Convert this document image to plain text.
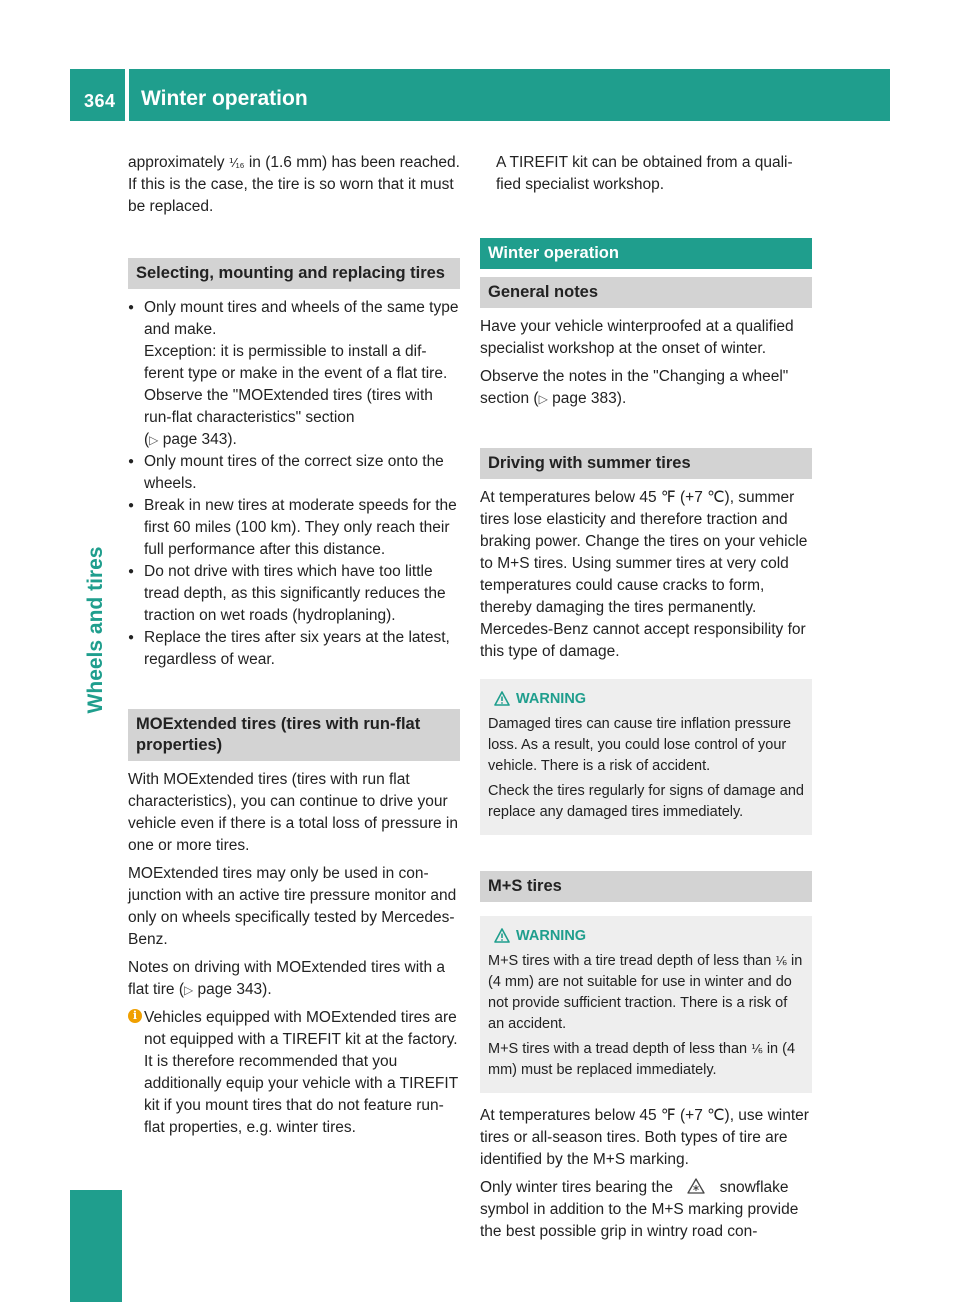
364 Winter operation
Wheels and tires

approximately ⅟₁₆ in (1.6 mm) has been reached. If this is the case, the tire is so worn that it must be replaced.

Selecting, mounting and replacing tires

● Only mount tires and wheels of the same type and make.

Exception: it is permissible to install a different type or make in the event of a flat tire. Observe the "MOExtended tires (tires with run-flat characteristics" section
(▷ page 343).

● Only mount tires of the correct size onto the wheels.

● Break in new tires at moderate speeds for the first 60 miles (100 km). They only reach their full performance after this distance.

● Do not drive with tires which have too little tread depth, as this significantly reduces the traction on wet roads (hydroplaning).

● Replace the tires after six years at the latest, regardless of wear.

MOExtended tires (tires with run-flat properties)

With MOExtended tires (tires with run flat characteristics), you can continue to drive your vehicle even if there is a total loss of pressure in one or more tires.

MOExtended tires may only be used in conjunction with an active tire pressure monitor and only on wheels specifically tested by Mercedes-Benz.

Notes on driving with MOExtended tires with a flat tire (▷ page 343).

i Vehicles equipped with MOExtended tires are not equipped with a TIREFIT kit at the factory. It is therefore recommended that you additionally equip your vehicle with a TIREFIT kit if you mount tires that do not feature run-flat properties, e.g. winter tires.

A TIREFIT kit can be obtained from a qualified specialist workshop.

Winter operation
General notes

Have your vehicle winterproofed at a qualified specialist workshop at the onset of winter.

Observe the notes in the "Changing a wheel" section (▷ page 383).

Driving with summer tires

At temperatures below 45 ℉ (+7 ℃), summer tires lose elasticity and therefore traction and braking power. Change the tires on your vehicle to M+S tires. Using summer tires at very cold temperatures could cause cracks to form, thereby damaging the tires permanently. Mercedes-Benz cannot accept responsibility for this type of damage.

WARNING

Damaged tires can cause tire inflation pressure loss. As a result, you could lose control of your vehicle. There is a risk of accident.

Check the tires regularly for signs of damage and replace any damaged tires immediately.

M+S tires
WARNING

M+S tires with a tire tread depth of less than ⅙ in (4 mm) are not suitable for use in winter and do not provide sufficient traction. There is a risk of an accident.

M+S tires with a tread depth of less than ⅙ in (4 mm) must be replaced immediately.

At temperatures below 45 ℉ (+7 ℃), use winter tires or all-season tires. Both types of tire are identified by the M+S marking.

Only winter tires bearing the	snowflake symbol in addition to the M+S marking provide the best possible grip in wintry road con-
